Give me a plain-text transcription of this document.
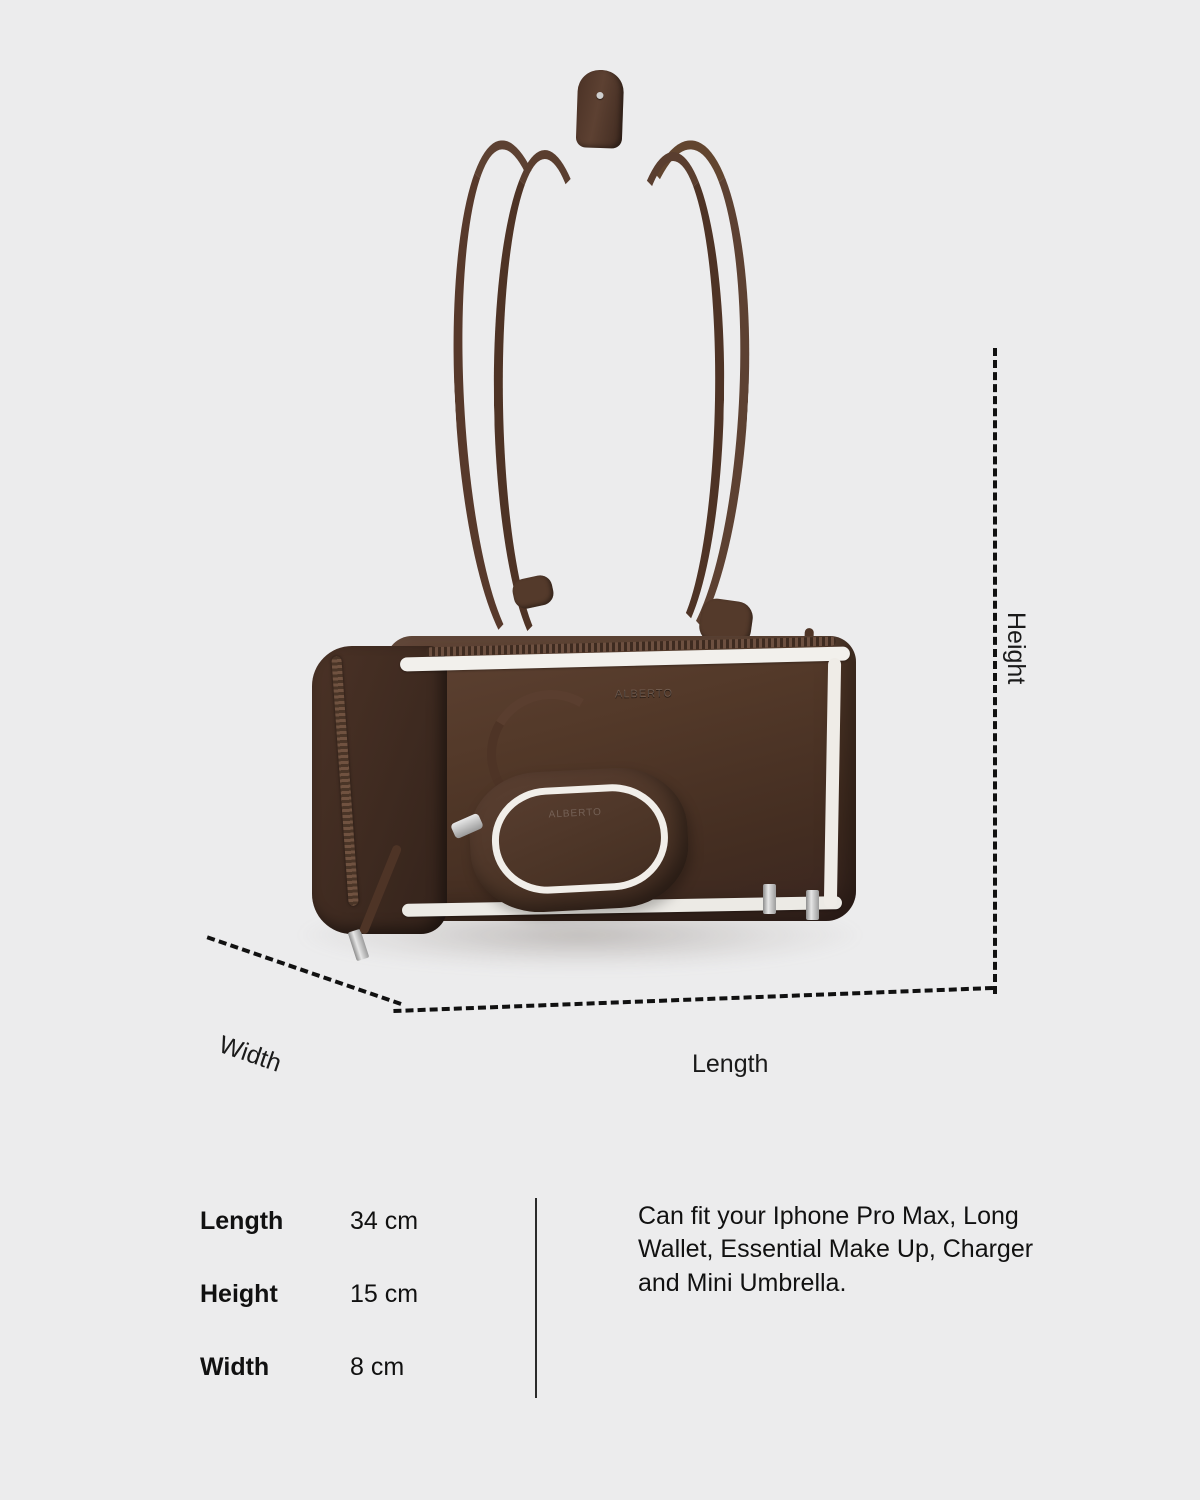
ALBERTO
ALBERTO
Height
Length
Width
Length	34 cm
Height	15 cm
Width	8 cm
Can fit your Iphone Pro Max, Long Wallet, Essential Make Up, Charger and Mini Umbrella.
